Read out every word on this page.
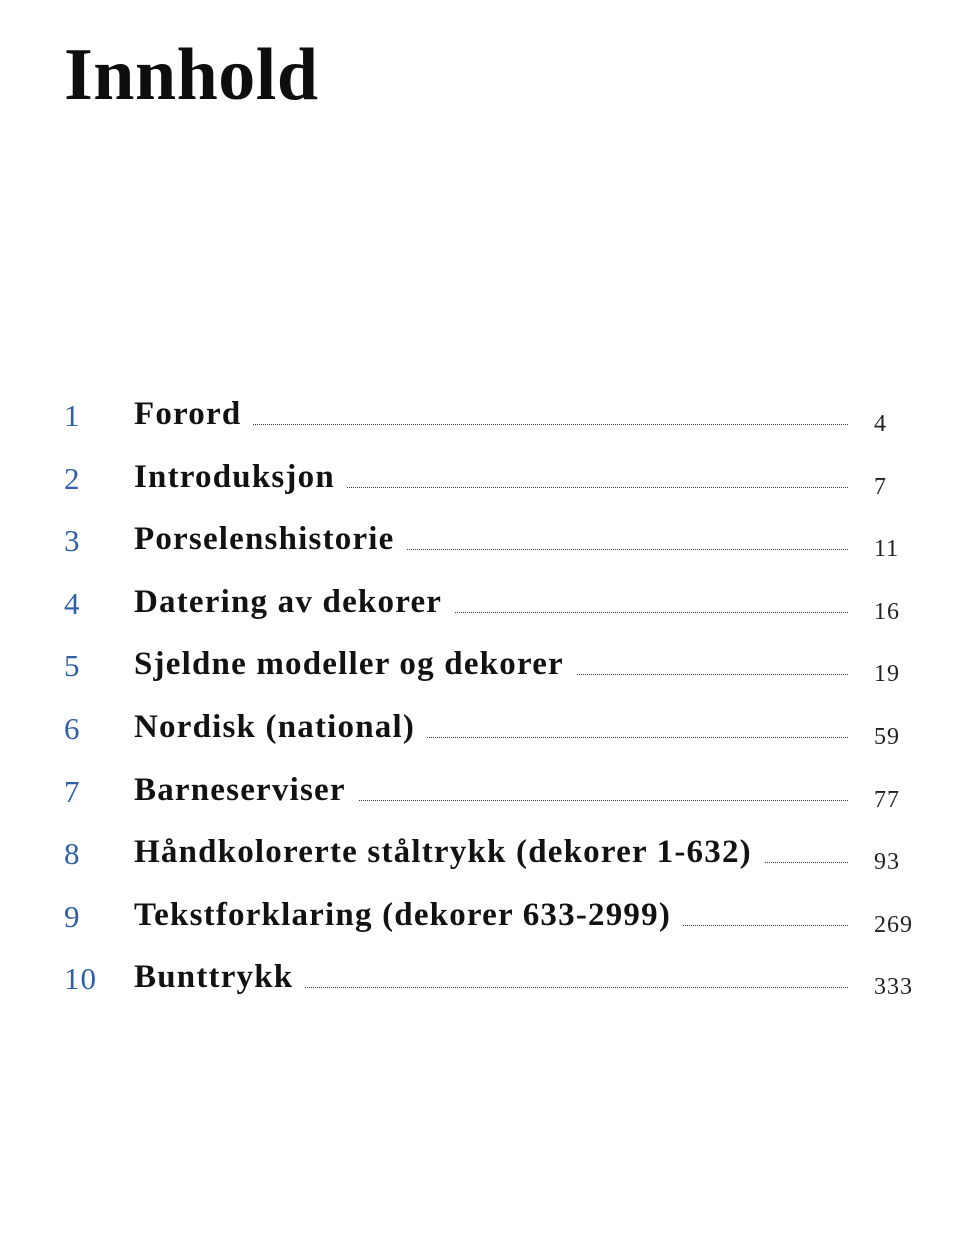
Innhold
1 Forord	4
2 Introduksjon	7
3 Porselenshistorie	11
4 Datering av dekorer	16
5 Sjeldne modeller og dekorer	19
6 Nordisk (national)	59
7 Barneserviser	77
8 Håndkolorerte ståltrykk (dekorer 1-632)	93
9 Tekstforklaring (dekorer 633-2999)	269
10 Bunttrykk	333
